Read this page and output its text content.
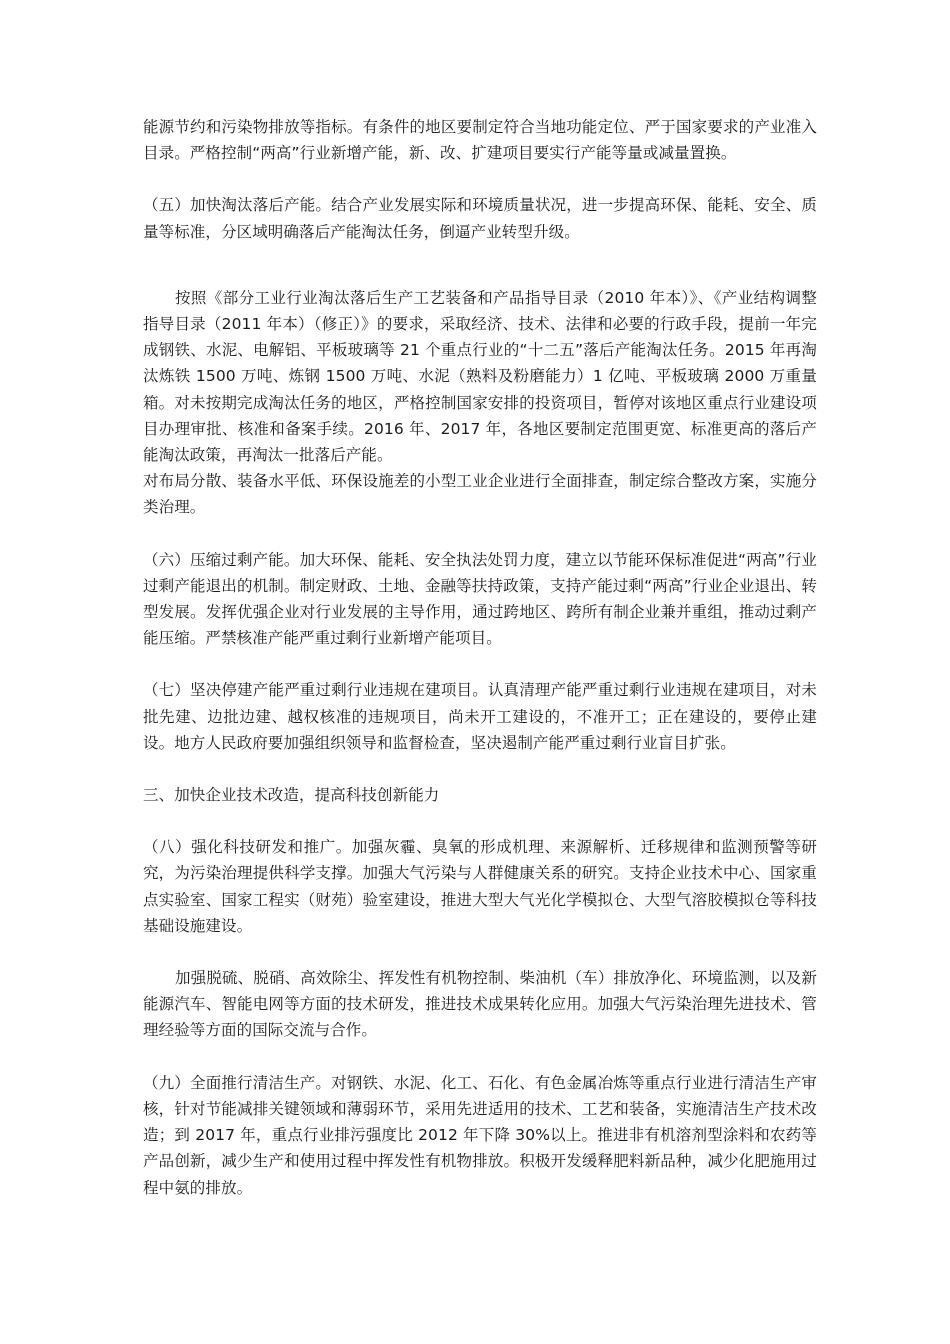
能源节约和污染物排放等指标。有条件的地区要制定符合当地功能定位、严于国家要求的产业准入目录。严格控制“两高”行业新增产能，新、改、扩建项目要实行产能等量或减量置换。

（五）加快淘汰落后产能。结合产业发展实际和环境质量状况，进一步提高环保、能耗、安全、质量等标准，分区域明确落后产能淘汰任务，倒逼产业转型升级。

按照《部分工业行业淘汰落后生产工艺装备和产品指导目录（2010 年本）》、《产业结构调整指导目录（2011 年本）（修正）》的要求，采取经济、技术、法律和必要的行政手段，提前一年完成钢铁、水泥、电解铝、平板玻璃等 21 个重点行业的“十二五”落后产能淘汰任务。2015 年再淘汰炼铁 1500 万吨、炼钢 1500 万吨、水泥（熟料及粉磨能力）1 亿吨、平板玻璃 2000 万重量箱。对未按期完成淘汰任务的地区，严格控制国家安排的投资项目，暂停对该地区重点行业建设项目办理审批、核准和备案手续。2016 年、2017 年，各地区要制定范围更宽、标准更高的落后产能淘汰政策，再淘汰一批落后产能。

对布局分散、装备水平低、环保设施差的小型工业企业进行全面排查，制定综合整改方案，实施分类治理。

（六）压缩过剩产能。加大环保、能耗、安全执法处罚力度，建立以节能环保标准促进“两高”行业过剩产能退出的机制。制定财政、土地、金融等扶持政策，支持产能过剩“两高”行业企业退出、转型发展。发挥优强企业对行业发展的主导作用，通过跨地区、跨所有制企业兼并重组，推动过剩产能压缩。严禁核准产能严重过剩行业新增产能项目。

（七）坚决停建产能严重过剩行业违规在建项目。认真清理产能严重过剩行业违规在建项目，对未批先建、边批边建、越权核准的违规项目，尚未开工建设的，不准开工；正在建设的，要停止建设。地方人民政府要加强组织领导和监督检查，坚决遏制产能严重过剩行业盲目扩张。

三、加快企业技术改造，提高科技创新能力

（八）强化科技研发和推广。加强灰霾、臭氧的形成机理、来源解析、迁移规律和监测预警等研究，为污染治理提供科学支撑。加强大气污染与人群健康关系的研究。支持企业技术中心、国家重点实验室、国家工程实（财苑）验室建设，推进大型大气光化学模拟仓、大型气溶胶模拟仓等科技基础设施建设。

加强脱硫、脱硝、高效除尘、挥发性有机物控制、柴油机（车）排放净化、环境监测，以及新能源汽车、智能电网等方面的技术研发，推进技术成果转化应用。加强大气污染治理先进技术、管理经验等方面的国际交流与合作。

（九）全面推行清洁生产。对钢铁、水泥、化工、石化、有色金属冶炼等重点行业进行清洁生产审核，针对节能减排关键领域和薄弱环节，采用先进适用的技术、工艺和装备，实施清洁生产技术改造；到 2017 年，重点行业排污强度比 2012 年下降 30%以上。推进非有机溶剂型涂料和农药等产品创新，减少生产和使用过程中挥发性有机物排放。积极开发缓释肥料新品种，减少化肥施用过程中氨的排放。
